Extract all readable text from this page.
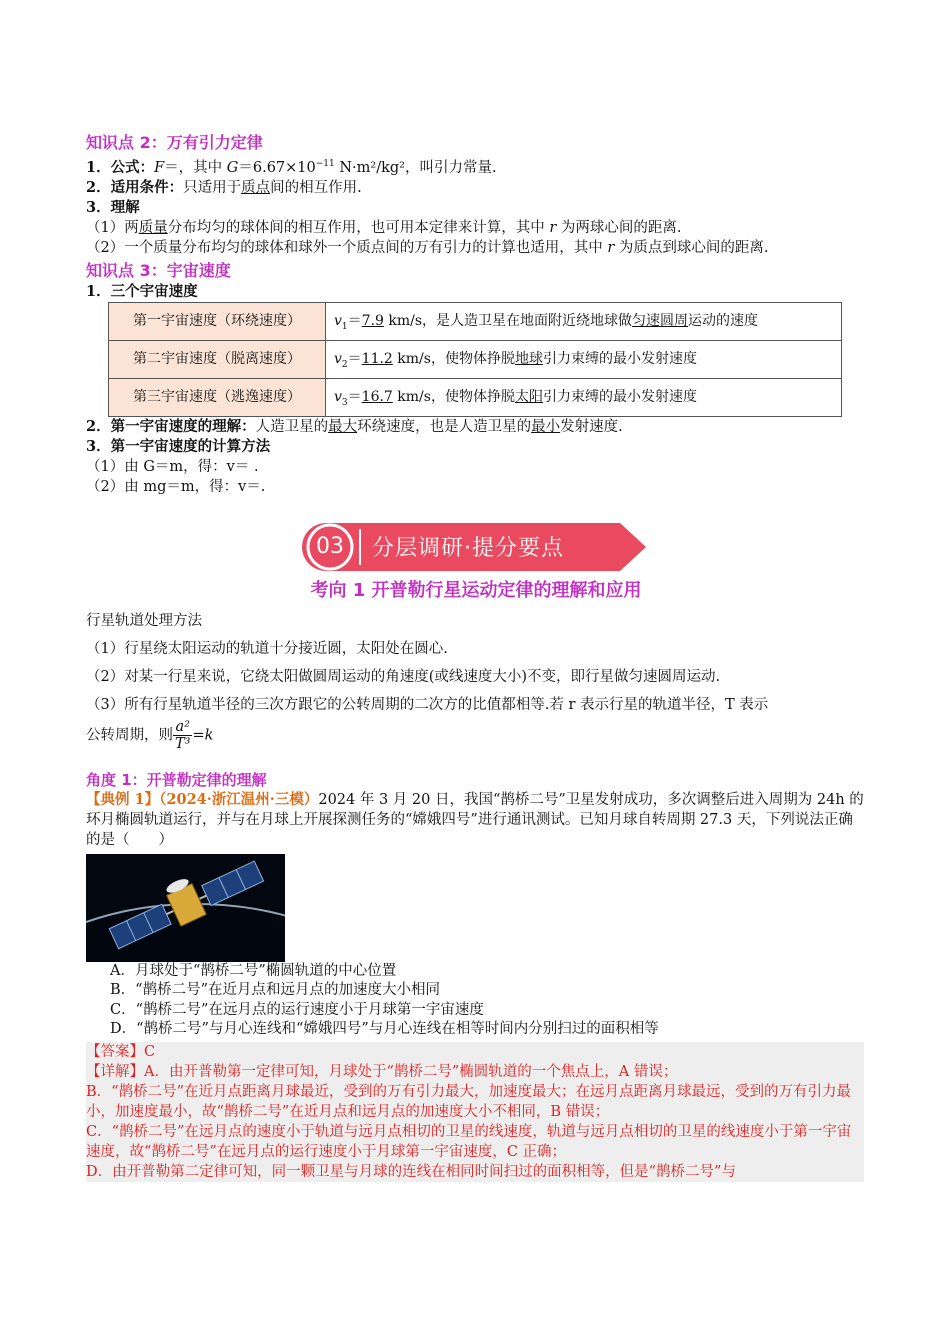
知识点 2：万有引力定律
1．公式：F＝，其中 $G=6.67\times 10^{-11}$ N·m²/kg²，叫引力常量.
2．适用条件：只适用于质点间的相互作用.
3．理解
（1）两质量分布均匀的球体间的相互作用，也可用本定律来计算，其中 r 为两球心间的距离.
（2）一个质量分布均匀的球体和球外一个质点间的万有引力的计算也适用，其中 r 为质点到球心间的距离.
知识点 3：宇宙速度
1．三个宇宙速度
第一宇宙速度（环绕速度）	$v_1=7.9$ km/s，是人造卫星在地面附近绕地球做匀速圆周运动的速度
第二宇宙速度（脱离速度）	$v_2=11.2$ km/s，使物体挣脱地球引力束缚的最小发射速度
第三宇宙速度（逃逸速度）	$v_3=16.7$ km/s，使物体挣脱太阳引力束缚的最小发射速度
2．第一宇宙速度的理解：人造卫星的最大环绕速度，也是人造卫星的最小发射速度.
3．第一宇宙速度的计算方法
（1）由 G＝m，得：v＝ .
（2）由 mg＝m，得：v＝.
03 分层调研·提分要点
考向 1 开普勒行星运动定律的理解和应用
行星轨道处理方法
（1）行星绕太阳运动的轨道十分接近圆，太阳处在圆心.
（2）对某一行星来说，它绕太阳做圆周运动的角速度(或线速度大小)不变，即行星做匀速圆周运动.
（3）所有行星轨道半径的三次方跟它的公转周期的二次方的比值都相等.若 r 表示行星的轨道半径，T 表示
公转周期，则 $\frac{\text{a²}}{\text{T³}} =k$
角度 1：开普勒定律的理解
【典例 1】（2024·浙江温州·三模）2024 年 3 月 20 日，我国“鹊桥二号”卫星发射成功，多次调整后进入周期为 24h 的环月椭圆轨道运行，并与在月球上开展探测任务的“嫦娥四号”进行通讯测试。已知月球自转周期 27.3 天，下列说法正确的是（　　）
A．月球处于“鹊桥二号”椭圆轨道的中心位置
B．“鹊桥二号”在近月点和远月点的加速度大小相同
C．“鹊桥二号”在远月点的运行速度小于月球第一宇宙速度
D．“鹊桥二号”与月心连线和“嫦娥四号”与月心连线在相等时间内分别扫过的面积相等
【答案】C
【详解】A．由开普勒第一定律可知，月球处于“鹊桥二号”椭圆轨道的一个焦点上，A 错误；
B．“鹊桥二号”在近月点距离月球最近，受到的万有引力最大，加速度最大；在远月点距离月球最远，受到的万有引力最小，加速度最小，故“鹊桥二号”在近月点和远月点的加速度大小不相同，B 错误；
C．“鹊桥二号”在远月点的速度小于轨道与远月点相切的卫星的线速度，轨道与远月点相切的卫星的线速度小于第一宇宙速度，故“鹊桥二号”在远月点的运行速度小于月球第一宇宙速度，C 正确；
D．由开普勒第二定律可知，同一颗卫星与月球的连线在相同时间扫过的面积相等，但是“鹊桥二号”与
